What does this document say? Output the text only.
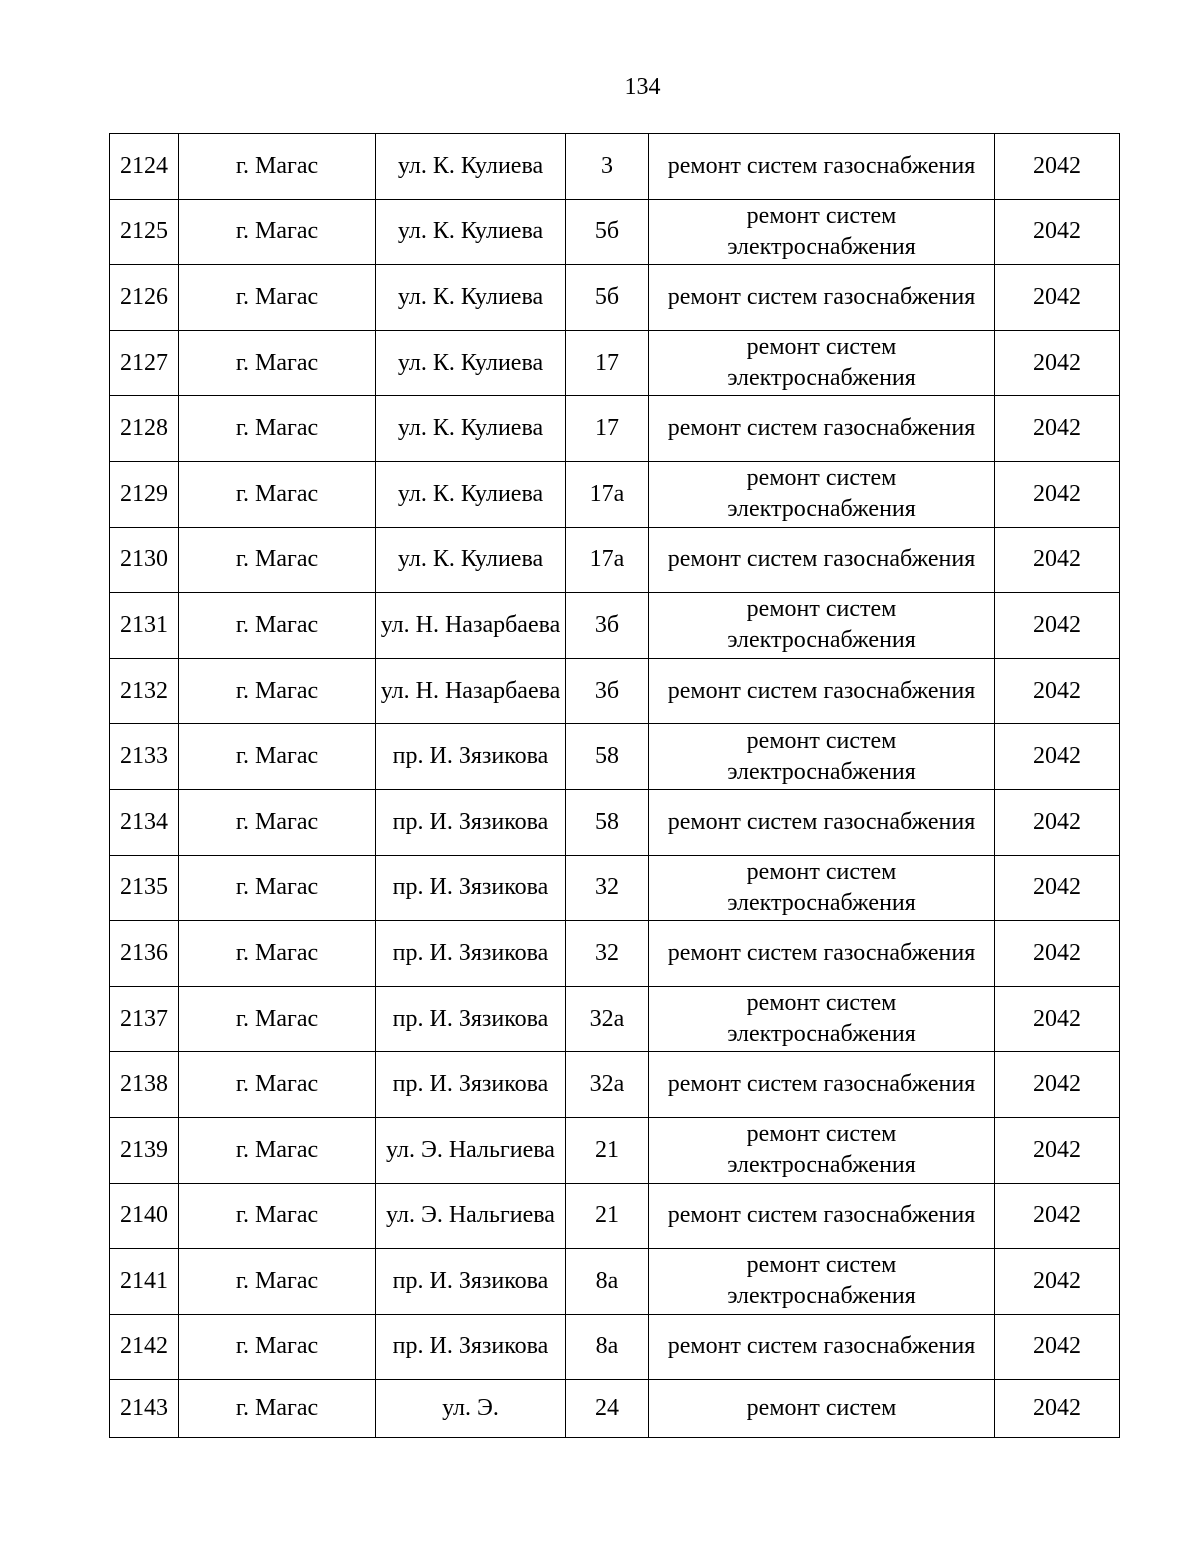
134
2124	г. Магас	ул. К. Кулиева	3	ремонт систем газоснабжения	2042
2125	г. Магас	ул. К. Кулиева	5б	ремонт систем электроснабжения	2042
2126	г. Магас	ул. К. Кулиева	5б	ремонт систем газоснабжения	2042
2127	г. Магас	ул. К. Кулиева	17	ремонт систем электроснабжения	2042
2128	г. Магас	ул. К. Кулиева	17	ремонт систем газоснабжения	2042
2129	г. Магас	ул. К. Кулиева	17а	ремонт систем электроснабжения	2042
2130	г. Магас	ул. К. Кулиева	17а	ремонт систем газоснабжения	2042
2131	г. Магас	ул. Н. Назарбаева	3б	ремонт систем электроснабжения	2042
2132	г. Магас	ул. Н. Назарбаева	3б	ремонт систем газоснабжения	2042
2133	г. Магас	пр. И. Зязикова	58	ремонт систем электроснабжения	2042
2134	г. Магас	пр. И. Зязикова	58	ремонт систем газоснабжения	2042
2135	г. Магас	пр. И. Зязикова	32	ремонт систем электроснабжения	2042
2136	г. Магас	пр. И. Зязикова	32	ремонт систем газоснабжения	2042
2137	г. Магас	пр. И. Зязикова	32а	ремонт систем электроснабжения	2042
2138	г. Магас	пр. И. Зязикова	32а	ремонт систем газоснабжения	2042
2139	г. Магас	ул. Э. Нальгиева	21	ремонт систем электроснабжения	2042
2140	г. Магас	ул. Э. Нальгиева	21	ремонт систем газоснабжения	2042
2141	г. Магас	пр. И. Зязикова	8а	ремонт систем электроснабжения	2042
2142	г. Магас	пр. И. Зязикова	8а	ремонт систем газоснабжения	2042
2143	г. Магас	ул. Э.	24	ремонт систем	2042
